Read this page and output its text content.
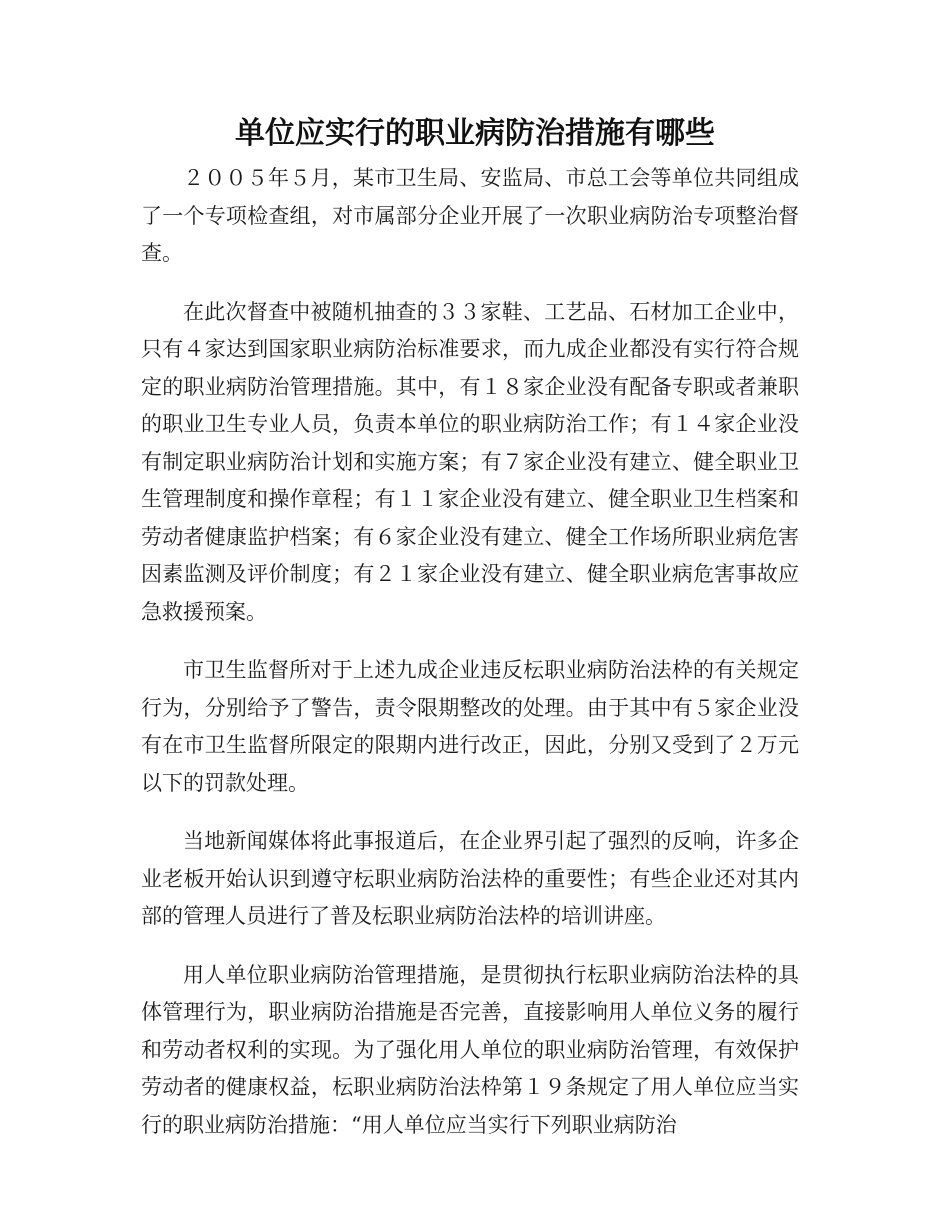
单位应实行的职业病防治措施有哪些

２００５年５月，某市卫生局、安监局、市总工会等单位共同组成了一个专项检查组，对市属部分企业开展了一次职业病防治专项整治督查。

在此次督查中被随机抽查的３３家鞋、工艺品、石材加工企业中，只有４家达到国家职业病防治标准要求，而九成企业都没有实行符合规定的职业病防治管理措施。其中，有１８家企业没有配备专职或者兼职的职业卫生专业人员，负责本单位的职业病防治工作；有１４家企业没有制定职业病防治计划和实施方案；有７家企业没有建立、健全职业卫生管理制度和操作章程；有１１家企业没有建立、健全职业卫生档案和劳动者健康监护档案；有６家企业没有建立、健全工作场所职业病危害因素监测及评价制度；有２１家企业没有建立、健全职业病危害事故应急救援预案。

市卫生监督所对于上述九成企业违反枟职业病防治法枠的有关规定行为，分别给予了警告，责令限期整改的处理。由于其中有５家企业没有在市卫生监督所限定的限期内进行改正，因此，分别又受到了２万元以下的罚款处理。

当地新闻媒体将此事报道后，在企业界引起了强烈的反响，许多企业老板开始认识到遵守枟职业病防治法枠的重要性；有些企业还对其内部的管理人员进行了普及枟职业病防治法枠的培训讲座。

用人单位职业病防治管理措施，是贯彻执行枟职业病防治法枠的具体管理行为，职业病防治措施是否完善，直接影响用人单位义务的履行和劳动者权利的实现。为了强化用人单位的职业病防治管理，有效保护劳动者的健康权益，枟职业病防治法枠第１９条规定了用人单位应当实行的职业病防治措施：“用人单位应当实行下列职业病防治
